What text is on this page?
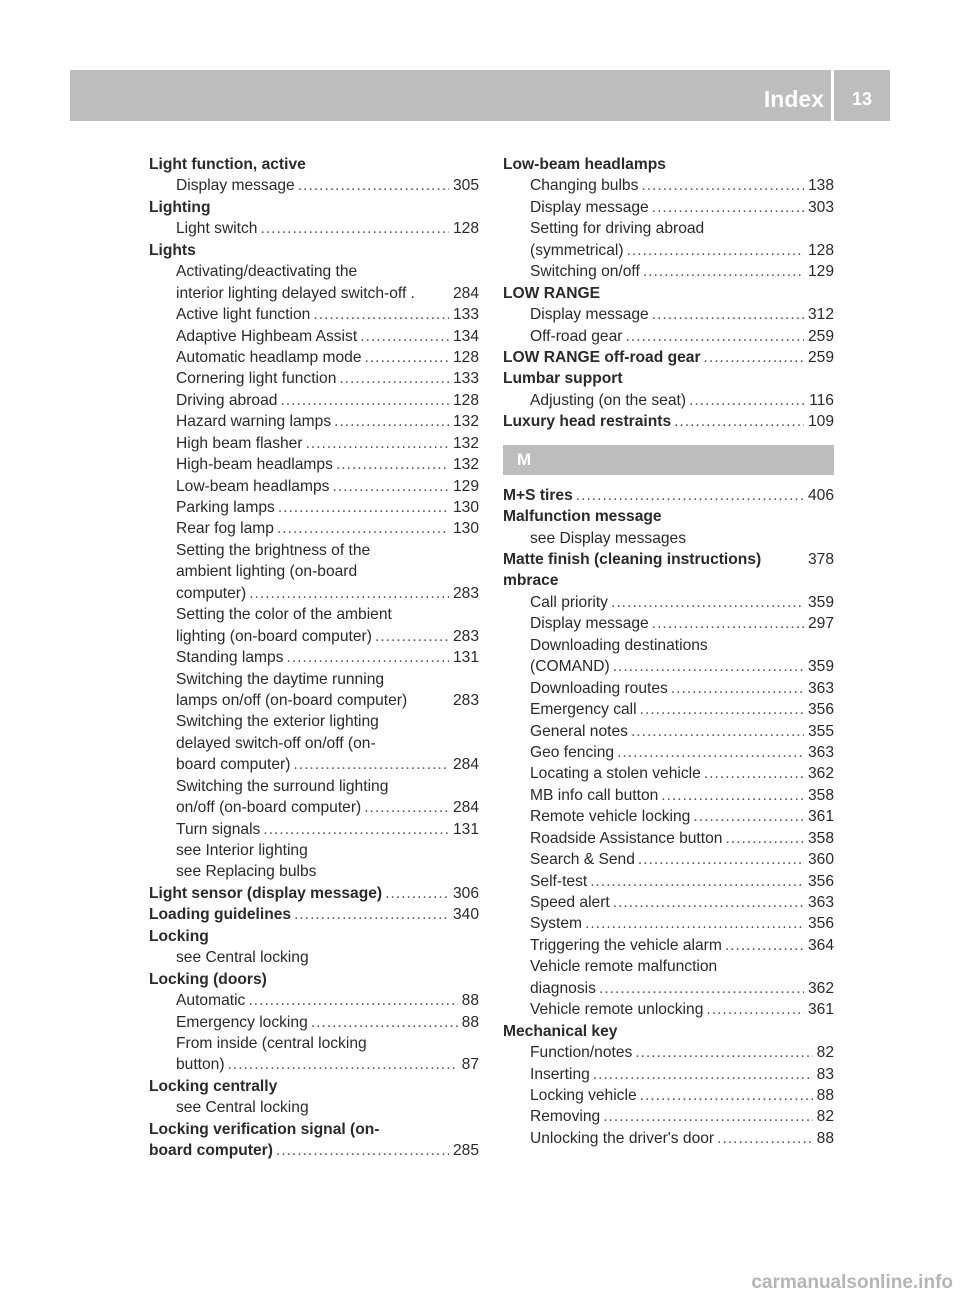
Index	13
Light function, active
Display message .....	305
Lighting
Light switch .....	128
Lights
Activating/deactivating the
interior lighting delayed switch-off . 284
Active light function .....	133
Adaptive Highbeam Assist .....	134
Automatic headlamp mode .....	128
Cornering light function .....	133
Driving abroad .....	128
Hazard warning lamps .....	132
High beam flasher .....	132
High-beam headlamps .....	132
Low-beam headlamps .....	129
Parking lamps .....	130
Rear fog lamp .....	130
Setting the brightness of the
ambient lighting (on-board
computer) .....	283
Setting the color of the ambient
lighting (on-board computer) .....	283
Standing lamps .....	131
Switching the daytime running
lamps on/off (on-board computer)	283
Switching the exterior lighting
delayed switch-off on/off (on-
board computer) .....	284
Switching the surround lighting
on/off (on-board computer) .....	284
Turn signals .....	131
see Interior lighting
see Replacing bulbs
Light sensor (display message) .....	306
Loading guidelines .....	340
Locking
see Central locking
Locking (doors)
Automatic .....	88
Emergency locking .....	88
From inside (central locking
button) .....	87
Locking centrally
see Central locking
Locking verification signal (on-
board computer) .....	285
Low-beam headlamps
Changing bulbs .....	138
Display message .....	303
Setting for driving abroad
(symmetrical) .....	128
Switching on/off .....	129
LOW RANGE
Display message .....	312
Off-road gear .....	259
LOW RANGE off-road gear .....	259
Lumbar support
Adjusting (on the seat) .....	116
Luxury head restraints .....	109
M
M+S tires .....	406
Malfunction message
see Display messages
Matte finish (cleaning instructions)	378
mbrace
Call priority .....	359
Display message .....	297
Downloading destinations
(COMAND) .....	359
Downloading routes .....	363
Emergency call .....	356
General notes .....	355
Geo fencing .....	363
Locating a stolen vehicle .....	362
MB info call button .....	358
Remote vehicle locking .....	361
Roadside Assistance button .....	358
Search & Send .....	360
Self-test .....	356
Speed alert .....	363
System .....	356
Triggering the vehicle alarm .....	364
Vehicle remote malfunction
diagnosis .....	362
Vehicle remote unlocking .....	361
Mechanical key
Function/notes .....	82
Inserting .....	83
Locking vehicle .....	88
Removing .....	82
Unlocking the driver's door .....	88
carmanualsonline.info
